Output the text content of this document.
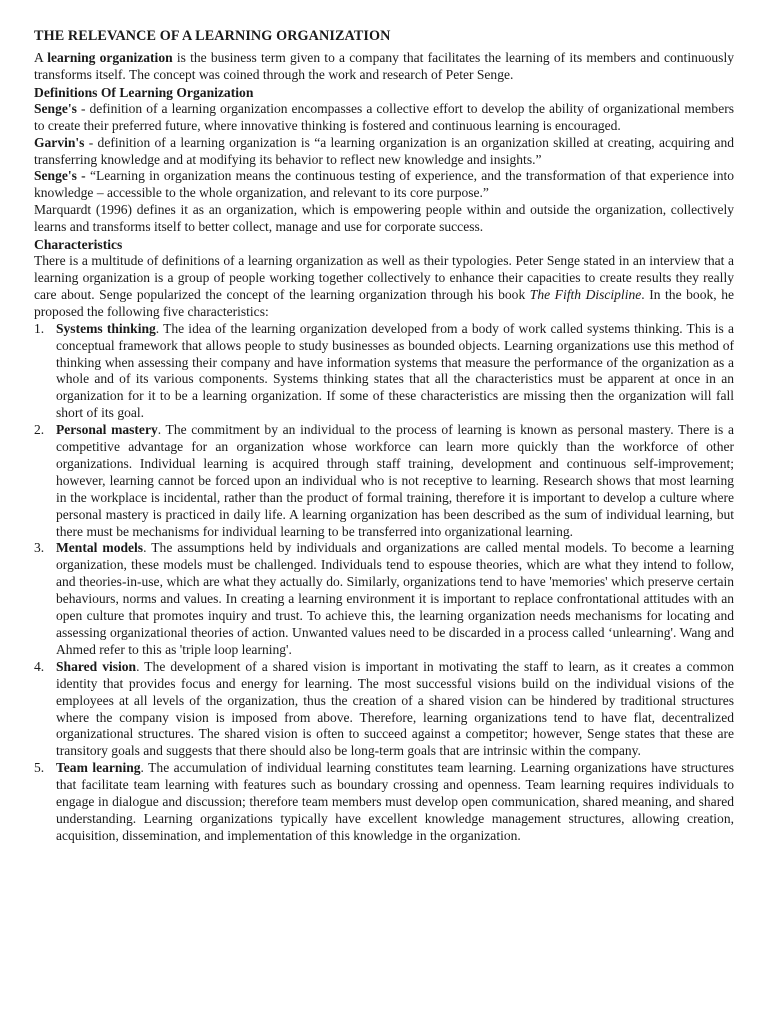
THE RELEVANCE OF A LEARNING ORGANIZATION

A learning organization is the business term given to a company that facilitates the learning of its members and continuously transforms itself. The concept was coined through the work and research of Peter Senge.

Definitions Of Learning Organization

Senge's - definition of a learning organization encompasses a collective effort to develop the ability of organizational members to create their preferred future, where innovative thinking is fostered and continuous learning is encouraged.

Garvin's - definition of a learning organization is “a learning organization is an organization skilled at creating, acquiring and transferring knowledge and at modifying its behavior to reflect new knowledge and insights.”

Senge's - “Learning in organization means the continuous testing of experience, and the transformation of that experience into knowledge – accessible to the whole organization, and relevant to its core purpose.”

Marquardt (1996) defines it as an organization, which is empowering people within and outside the organization, collectively learns and transforms itself to better collect, manage and use for corporate success.

Characteristics

There is a multitude of definitions of a learning organization as well as their typologies. Peter Senge stated in an interview that a learning organization is a group of people working together collectively to enhance their capacities to create results they really care about. Senge popularized the concept of the learning organization through his book The Fifth Discipline. In the book, he proposed the following five characteristics:

1. Systems thinking. The idea of the learning organization developed from a body of work called systems thinking. This is a conceptual framework that allows people to study businesses as bounded objects. Learning organizations use this method of thinking when assessing their company and have information systems that measure the performance of the organization as a whole and of its various components. Systems thinking states that all the characteristics must be apparent at once in an organization for it to be a learning organization. If some of these characteristics are missing then the organization will fall short of its goal.

2. Personal mastery. The commitment by an individual to the process of learning is known as personal mastery. There is a competitive advantage for an organization whose workforce can learn more quickly than the workforce of other organizations. Individual learning is acquired through staff training, development and continuous self-improvement; however, learning cannot be forced upon an individual who is not receptive to learning. Research shows that most learning in the workplace is incidental, rather than the product of formal training, therefore it is important to develop a culture where personal mastery is practiced in daily life. A learning organization has been described as the sum of individual learning, but there must be mechanisms for individual learning to be transferred into organizational learning.

3. Mental models. The assumptions held by individuals and organizations are called mental models. To become a learning organization, these models must be challenged. Individuals tend to espouse theories, which are what they intend to follow, and theories-in-use, which are what they actually do. Similarly, organizations tend to have 'memories' which preserve certain behaviours, norms and values. In creating a learning environment it is important to replace confrontational attitudes with an open culture that promotes inquiry and trust. To achieve this, the learning organization needs mechanisms for locating and assessing organizational theories of action. Unwanted values need to be discarded in a process called ‘unlearning'. Wang and Ahmed refer to this as 'triple loop learning'.

4. Shared vision. The development of a shared vision is important in motivating the staff to learn, as it creates a common identity that provides focus and energy for learning. The most successful visions build on the individual visions of the employees at all levels of the organization, thus the creation of a shared vision can be hindered by traditional structures where the company vision is imposed from above. Therefore, learning organizations tend to have flat, decentralized organizational structures. The shared vision is often to succeed against a competitor; however, Senge states that these are transitory goals and suggests that there should also be long-term goals that are intrinsic within the company.

5. Team learning. The accumulation of individual learning constitutes team learning. Learning organizations have structures that facilitate team learning with features such as boundary crossing and openness. Team learning requires individuals to engage in dialogue and discussion; therefore team members must develop open communication, shared meaning, and shared understanding. Learning organizations typically have excellent knowledge management structures, allowing creation, acquisition, dissemination, and implementation of this knowledge in the organization.
